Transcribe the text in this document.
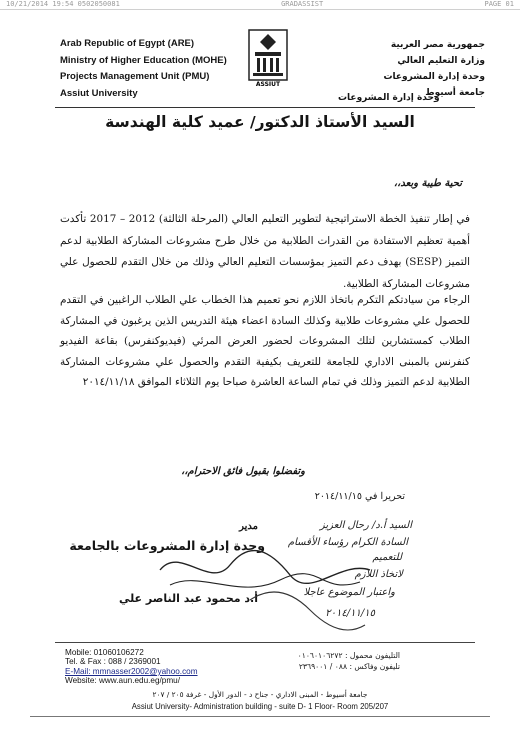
10/21/2014 19:54 0502050081	GRADASSIST	PAGE 01
Arab Republic of Egypt (ARE)
Ministry of Higher Education (MOHE)
Projects Management Unit (PMU)
Assiut University
ASSIUT
جمهورية مصر العربية
وزارة التعليم العالي
وحدة إدارة المشروعات
جامعة أسيوط
وحدة إدارة المشروعات
السيد الأستاذ الدكتور/ عميد كلية الهندسة
تحية طيبة وبعد،،
في إطار تنفيذ الخطة الاستراتيجية لتطوير التعليم العالي (المرحلة الثالثة) 2012 – 2017 تأكدت أهمية تعظيم الاستفادة من القدرات الطلابية من خلال طرح مشروعات المشاركة الطلابية لدعم التميز (SESP) بهدف دعم التميز بمؤسسات التعليم العالي وذلك من خلال التقدم للحصول علي مشروعات المشاركة الطلابية.
الرجاء من سيادتكم التكرم باتخاذ اللازم نحو تعميم هذا الخطاب علي الطلاب الراغبين في التقدم للحصول علي مشروعات طلابية وكذلك السادة اعضاء هيئة التدريس الذين يرغبون في المشاركة الطلاب كمستشارين لتلك المشروعات لحضور العرض المرئي (فيديوكنفرس) بقاعة الفيديو كنفرنس بالمبنى الاداري للجامعة للتعريف بكيفية التقدم والحصول علي مشروعات المشاركة الطلابية لدعم التميز وذلك في تمام الساعة العاشرة صباحا يوم الثلاثاء الموافق ٢٠١٤/١١/١٨
وتفضلوا بقبول فائق الاحترام،،
تحريرا في ٢٠١٤/١١/١٥
مدير
وحدة إدارة المشروعات بالجامعة
أ.د محمود عبد الناصر علي
السيد أ.د/ رحال العزيز
السادة الكرام رؤساء الأقسام
للتعميم
لاتخاذ اللازم
واعتبار الموضوع عاجلا
٢٠١٤/١١/١٥
Mobile: 01060106272
Tel. & Fax : 088 / 2369001
E-Mail: mmnasser2002@yahoo.com
Website: www.aun.edu.eg/pmu/
التليفون محمول : ٠١٠٦٠١٠٦٢٧٢
تليفون وفاكس : ٠٨٨ / ٢٣٦٩٠٠١
جامعة أسيوط - المبنى الاداري - جناح د - الدور الأول - غرفة ٢٠٥ / ٢٠٧
Assiut University- Administration building - suite D- 1 Floor- Room 205/207
